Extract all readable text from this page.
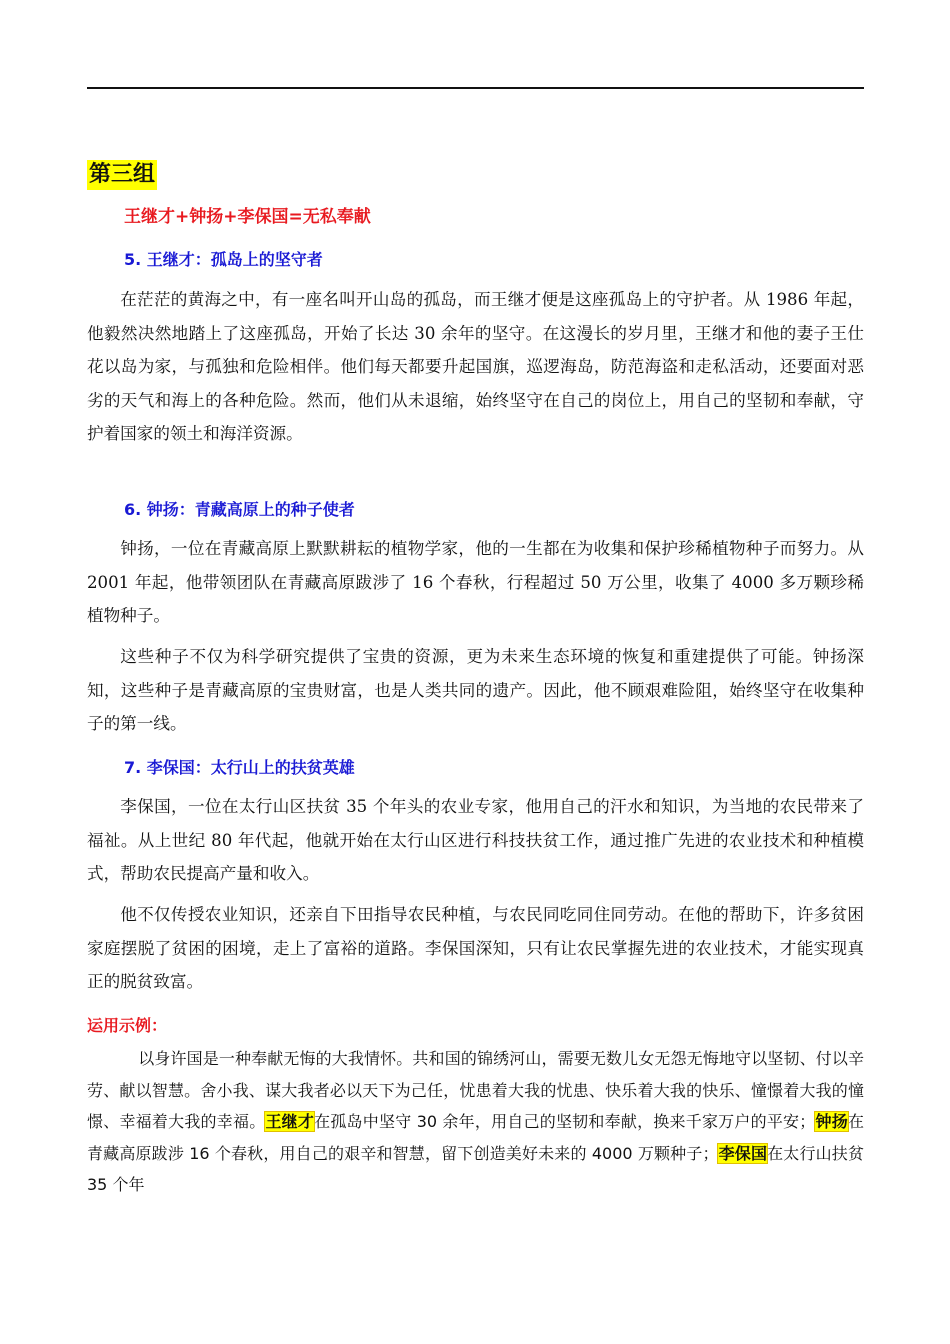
第三组
王继才+钟扬+李保国=无私奉献
5. 王继才：孤岛上的坚守者
在茫茫的黄海之中，有一座名叫开山岛的孤岛，而王继才便是这座孤岛上的守护者。从 1986 年起，他毅然决然地踏上了这座孤岛，开始了长达 30 余年的坚守。在这漫长的岁月里，王继才和他的妻子王仕花以岛为家，与孤独和危险相伴。他们每天都要升起国旗，巡逻海岛，防范海盗和走私活动，还要面对恶劣的天气和海上的各种危险。然而，他们从未退缩，始终坚守在自己的岗位上，用自己的坚韧和奉献，守护着国家的领土和海洋资源。
6. 钟扬：青藏高原上的种子使者
钟扬，一位在青藏高原上默默耕耘的植物学家，他的一生都在为收集和保护珍稀植物种子而努力。从 2001 年起，他带领团队在青藏高原跋涉了 16 个春秋，行程超过 50 万公里，收集了 4000 多万颗珍稀植物种子。
这些种子不仅为科学研究提供了宝贵的资源，更为未来生态环境的恢复和重建提供了可能。钟扬深知，这些种子是青藏高原的宝贵财富，也是人类共同的遗产。因此，他不顾艰难险阻，始终坚守在收集种子的第一线。
7. 李保国：太行山上的扶贫英雄
李保国，一位在太行山区扶贫 35 个年头的农业专家，他用自己的汗水和知识，为当地的农民带来了福祉。从上世纪 80 年代起，他就开始在太行山区进行科技扶贫工作，通过推广先进的农业技术和种植模式，帮助农民提高产量和收入。
他不仅传授农业知识，还亲自下田指导农民种植，与农民同吃同住同劳动。在他的帮助下，许多贫困家庭摆脱了贫困的困境，走上了富裕的道路。李保国深知，只有让农民掌握先进的农业技术，才能实现真正的脱贫致富。
运用示例：
以身许国是一种奉献无悔的大我情怀。共和国的锦绣河山，需要无数儿女无怨无悔地守以坚韧、付以辛劳、献以智慧。舍小我、谋大我者必以天下为己任，忧患着大我的忧患、快乐着大我的快乐、憧憬着大我的憧憬、幸福着大我的幸福。王继才在孤岛中坚守 30 余年，用自己的坚韧和奉献，换来千家万户的平安；钟扬在青藏高原跋涉 16 个春秋，用自己的艰辛和智慧，留下创造美好未来的 4000 万颗种子；李保国在太行山扶贫 35 个年
